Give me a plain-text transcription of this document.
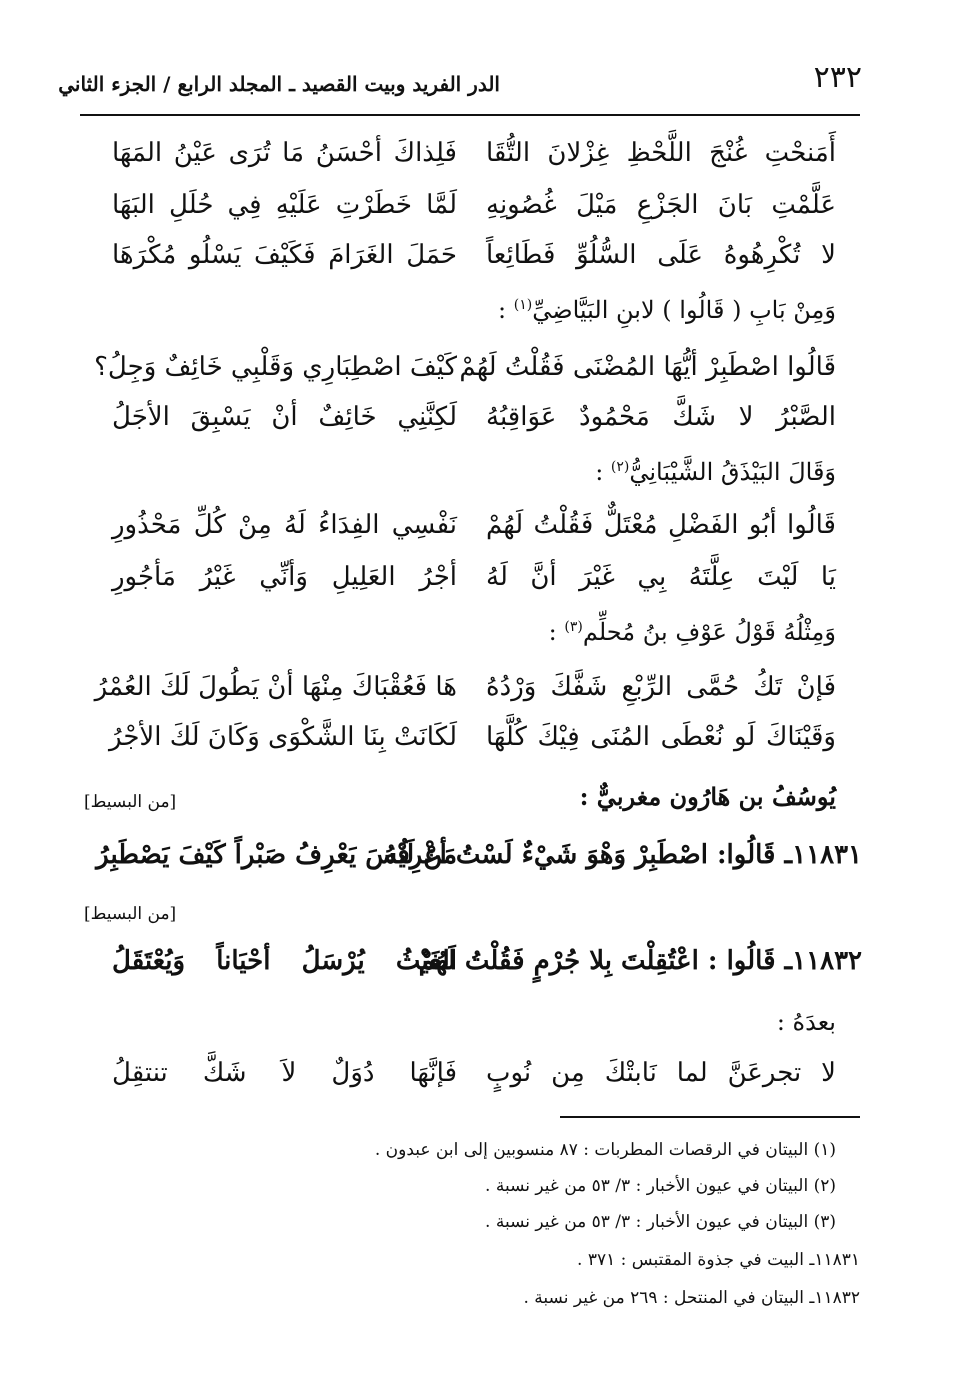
٢٣٢
الدر الفريد وبيت القصيد ـ المجلد الرابع / الجزء الثاني
أَمَنحْتِ غُنْجَ اللَّحْظِ غِزْلانَ التُّقَا
فَلِذاكَ أحْسَنُ مَا تُرَى عَيْنُ المَهَا
عَلَّمْتِ بَانَ الجَزْعِ مَيْلَ غُصُونِهِ
لَمَّا خَطَرْتِ عَلَيْهِ فِي حُلَلِ البَهَا
لا تُكْرِهُوهُ عَلَى السُّلُوِّ فَطَائِعاً
حَمَلَ الغَرَامَ فَكَيْفَ يَسْلُو مُكْرَهَا
وَمِنْ بَابِ ( قَالُوا ) لابنِ البَيَّاضِيِّ$^{(١)}$ :
قَالُوا اصْطَبِرْ أيُّهَا المُضْنَى فَقُلْتُ لَهُمْ
كَيْفَ اصْطِبَارِي وَقَلْبِي خَائِفٌ وَجِلُ؟
الصَّبْرُ لا شَكَّ مَحْمُودٌ عَوَاقِبُهُ
لَكِنَّنِي خَائِفٌ أنْ يَسْبِقَ الأجَلُ
وَقَالَ البَيْذَقُ الشَّيْبَانِيُّ$^{(٢)}$ :
قَالُوا أبُو الفَضْلِ مُعْتَلٌّ فَقُلْتُ لَهُمْ
نَفْسِي الفِدَاءُ لَهُ مِنْ كُلِّ مَحْذُورِ
يَا لَيْتَ عِلَّتَهُ بِي غَيْرَ أنَّ لَهُ
أجْرُ العَلِيلِ وَأنِّي غَيْرُ مَأجُورِ
وَمِثْلُهُ قَوْلُ عَوْفِ بنُ مُحلِّم$^{(٣)}$ :
فَإنْ تَكُ حُمَّى الرِّبْعِ شَفَّكَ وَرْدُهُ
هَا فَعُقْبَاكَ مِنْهَا أنْ يَطُولَ لَكَ العُمْرُ
وَقَيْنَاكَ لَو نُعْطَى المُنَى فِيْكَ كُلَّهَا
لَكَانَتْ بِنَا الشَّكْوَى وَكَانَ لَكَ الأجْرُ
يُوسُفُ بن هَارُون مغربيٌّ :
[من البسيط]
١١٨٣١ـ قَالُوا: اصْطَبِرْ وَهْوَ شَيْءٌ لَسْتُ أعْرِفُهُ
مَنْ لَيْسَ يَعْرِفُ صَبْراً كَيْفَ يَصْطَبِرُ
[من البسيط]
١١٨٣٢ـ قَالُوا : اعْتُقِلْتَ بِلا جُرْمٍ فَقُلْتُ لَهُمْ
الغَيْثُ يُرْسَلُ أحْيَاناً وَيُعْتَقَلُ
بعدَهُ :
لا تجرعَنَّ لما نَابتْكَ مِن نُوبٍ
فَإنَّهَا دُوَلٌ لاَ شَكَّ تنتقِلُ
(١) البيتان في الرقصات المطربات : ٨٧ منسوبين إلى ابن عبدون .
(٢) البيتان في عيون الأخبار : ٣/ ٥٣ من غير نسبة .
(٣) البيتان في عيون الأخبار : ٣/ ٥٣ من غير نسبة .
١١٨٣١ـ البيت في جذوة المقتبس : ٣٧١ .
١١٨٣٢ـ البيتان في المنتحل : ٢٦٩ من غير نسبة .
